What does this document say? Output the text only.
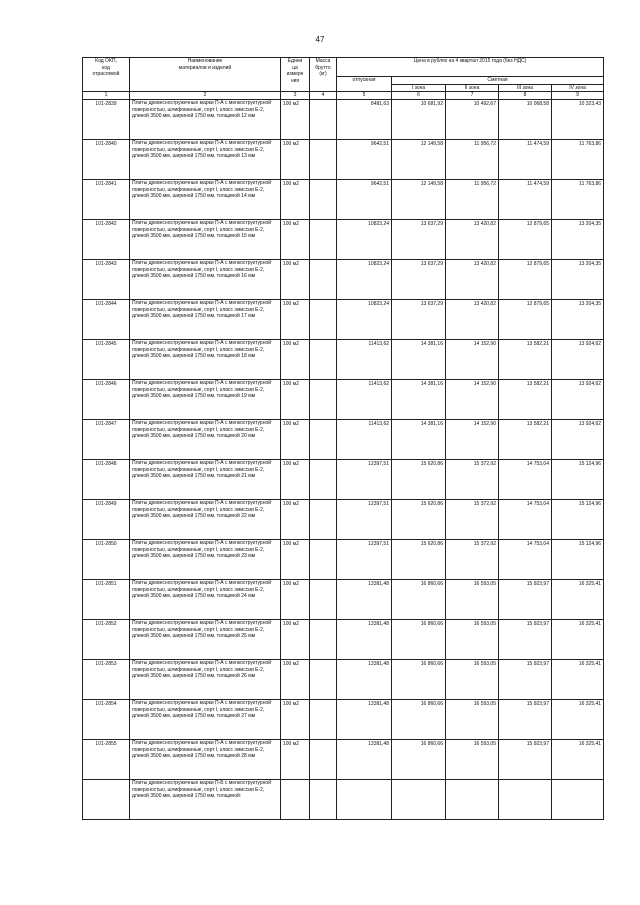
47
Код ОКП,
код
отраслевой	Наименование
материалов и изделий	Едини
ца
измере
ния	Масса
брутто
(кг)	Цена в рублях на 4 квартал 2015 года (без НДС)				
				отпускная	Сметная			
					I зона	II зона	III зона	IV зона
1	2	3	4	5	6	7	8	9
101-2839	Плиты древесностружечные марки П-А с мелкоструктурной поверхностью, шлифованные, сорт I, класс эмиссии Е-2, длиной 3500 мм, шириной 1750 мм, толщиной 12 мм	100 м2		8481,63	10 681,92	10 492,67	10 068,58	10 323,43
101-2840	Плиты древесностружечные марки П-А с мелкоструктурной поверхностью, шлифованные, сорт I, класс эмиссии Е-2, длиной 3500 мм, шириной 1750 мм, толщиной 13 мм	100 м2		9642,51	12 149,58	11 956,72	11 474,59	11 763,86
101-2841	Плиты древесностружечные марки П-А с мелкоструктурной поверхностью, шлифованные, сорт I, класс эмиссии Е-2, длиной 3500 мм, шириной 1750 мм, толщиной 14 мм	100 м2		9642,51	12 149,58	11 956,72	11 474,59	11 763,86
101-2842	Плиты древесностружечные марки П-А с мелкоструктурной поверхностью, шлифованные, сорт I, класс эмиссии Е-2, длиной 3500 мм, шириной 1750 мм, толщиной 15 мм	100 м2		10823,24	13 637,29	13 420,82	12 879,65	13 204,35
101-2843	Плиты древесностружечные марки П-А с мелкоструктурной поверхностью, шлифованные, сорт I, класс эмиссии Е-2, длиной 3500 мм, шириной 1750 мм, толщиной 16 мм	100 м2		10823,24	13 637,29	13 420,82	12 879,65	13 204,35
101-2844	Плиты древесностружечные марки П-А с мелкоструктурной поверхностью, шлифованные, сорт I, класс эмиссии Е-2, длиной 3500 мм, шириной 1750 мм, толщиной 17 мм	100 м2		10823,24	13 637,29	13 420,82	12 879,65	13 204,35
101-2845	Плиты древесностружечные марки П-А с мелкоструктурной поверхностью, шлифованные, сорт I, класс эмиссии Е-2, длиной 3500 мм, шириной 1750 мм, толщиной 18 мм	100 м2		11413,62	14 381,16	14 152,90	13 582,21	13 924,62
101-2846	Плиты древесностружечные марки П-А с мелкоструктурной поверхностью, шлифованные, сорт I, класс эмиссии Е-2, длиной 3500 мм, шириной 1750 мм, толщиной 19 мм	100 м2		11413,62	14 381,16	14 152,90	13 582,21	13 924,62
101-2847	Плиты древесностружечные марки П-А с мелкоструктурной поверхностью, шлифованные, сорт I, класс эмиссии Е-2, длиной 3500 мм, шириной 1750 мм, толщиной 20 мм	100 м2		11413,62	14 381,16	14 152,90	13 582,21	13 924,62
101-2848	Плиты древесностружечные марки П-А с мелкоструктурной поверхностью, шлифованные, сорт I, класс эмиссии Е-2, длиной 3500 мм, шириной 1750 мм, толщиной 21 мм	100 м2		12397,51	15 620,86	15 372,92	14 753,04	15 124,96
101-2849	Плиты древесностружечные марки П-А с мелкоструктурной поверхностью, шлифованные, сорт I, класс эмиссии Е-2, длиной 3500 мм, шириной 1750 мм, толщиной 22 мм	100 м2		12397,51	15 620,86	15 372,92	14 753,04	15 124,96
101-2850	Плиты древесностружечные марки П-А с мелкоструктурной поверхностью, шлифованные, сорт I, класс эмиссии Е-2, длиной 3500 мм, шириной 1750 мм, толщиной 23 мм	100 м2		12397,51	15 620,86	15 372,92	14 753,04	15 124,96
101-2851	Плиты древесностружечные марки П-А с мелкоструктурной поверхностью, шлифованные, сорт I, класс эмиссии Е-2, длиной 3500 мм, шириной 1750 мм, толщиной 24 мм	100 м2		13381,48	16 860,66	16 593,05	15 923,97	16 325,41
101-2852	Плиты древесностружечные марки П-А с мелкоструктурной поверхностью, шлифованные, сорт I, класс эмиссии Е-2, длиной 3500 мм, шириной 1750 мм, толщиной 25 мм	100 м2		13381,48	16 860,66	16 593,05	15 923,97	16 325,41
101-2853	Плиты древесностружечные марки П-А с мелкоструктурной поверхностью, шлифованные, сорт I, класс эмиссии Е-2, длиной 3500 мм, шириной 1750 мм, толщиной 26 мм	100 м2		13381,48	16 860,66	16 593,05	15 923,97	16 325,41
101-2854	Плиты древесностружечные марки П-А с мелкоструктурной поверхностью, шлифованные, сорт I, класс эмиссии Е-2, длиной 3500 мм, шириной 1750 мм, толщиной 27 мм	100 м2		13381,48	16 860,66	16 593,05	15 923,97	16 325,41
101-2855	Плиты древесностружечные марки П-А с мелкоструктурной поверхностью, шлифованные, сорт I, класс эмиссии Е-2, длиной 3500 мм, шириной 1750 мм, толщиной 28 мм	100 м2		13381,48	16 860,66	16 593,05	15 923,97	16 325,41
	Плиты древесностружечные марки П-Б с мелкоструктурной поверхностью, шлифованные, сорт I, класс эмиссии Е-2, длиной 3500 мм, шириной 1750 мм, толщиной:							
